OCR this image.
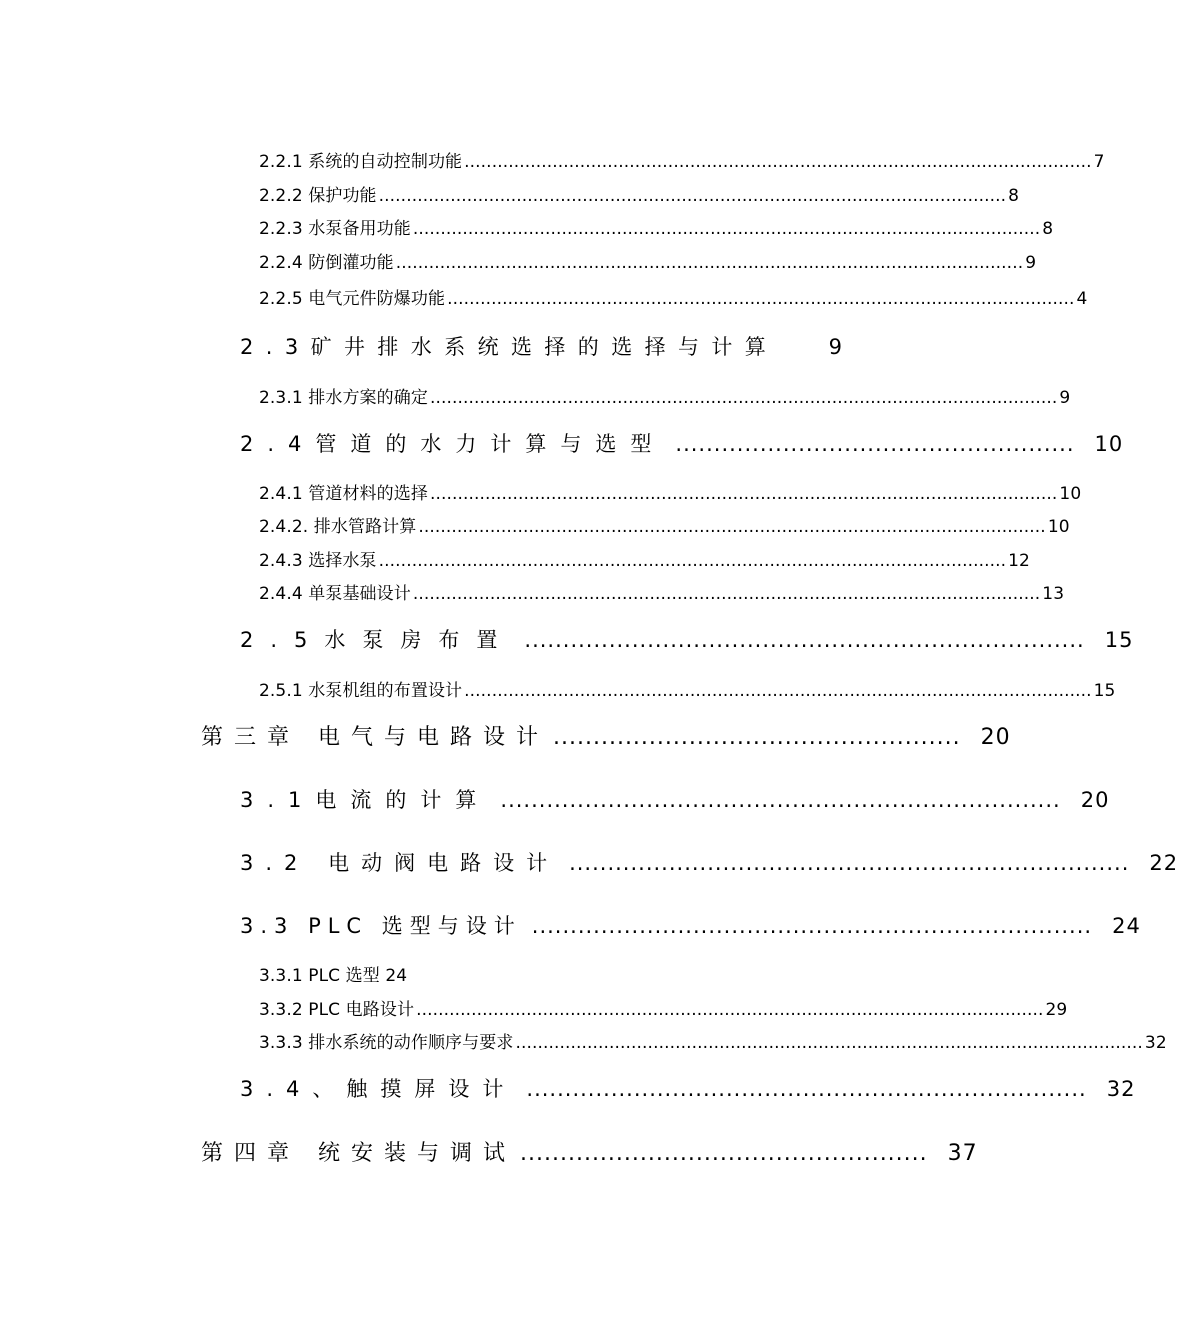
2.2.1 系统的自动控制功能 .................................................................................................................. 7
2.2.2 保护功能 .................................................................................................................. 8
2.2.3 水泵备用功能 .................................................................................................................. 8
2.2.4 防倒灌功能 .................................................................................................................. 9
2.2.5 电气元件防爆功能 .................................................................................................................. 4
2.3矿井排水系统选择的选择与计算 9
2.3.1 排水方案的确定 .................................................................................................................. 9
2.4管道的水力计算与选型 .................................................... 10
2.4.1 管道材料的选择 .................................................................................................................. 10
2.4.2. 排水管路计算 .................................................................................................................. 10
2.4.3 选择水泵 .................................................................................................................. 12
2.4.4 单泵基础设计 .................................................................................................................. 13
2.5水泵房布置 ......................................................................... 15
2.5.1 水泵机组的布置设计 .................................................................................................................. 15
第三章 电气与电路设计 ................................................... 20
3.1电流的计算 ......................................................................... 20
3.2 电动阀电路设计 ......................................................................... 22
3.3 PLC 选型与设计 ......................................................................... 24
3.3.1 PLC 选型 24
3.3.2 PLC 电路设计 .................................................................................................................. 29
3.3.3 排水系统的动作顺序与要求 .................................................................................................................. 32
3.4、触摸屏设计 ......................................................................... 32
第四章 统安装与调试 ................................................... 37
